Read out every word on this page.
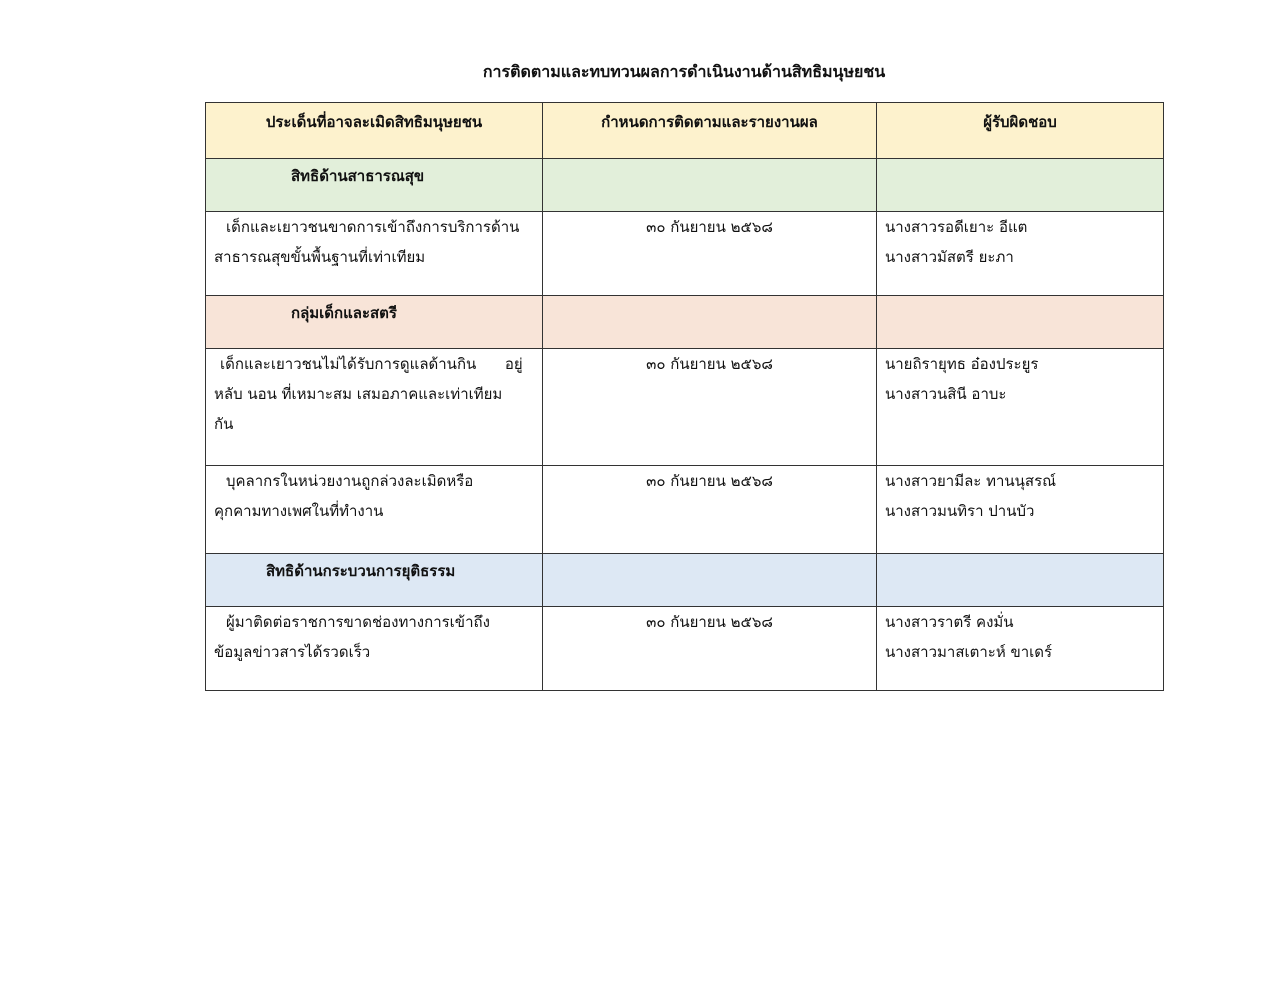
การติดตามและทบทวนผลการดำเนินงานด้านสิทธิมนุษยชน
ประเด็นที่อาจละเมิดสิทธิมนุษยชน	กำหนดการติดตามและรายงานผล	ผู้รับผิดชอบ
สิทธิด้านสาธารณสุข		

เด็กและเยาวชนขาดการเข้าถึงการบริการด้าน
สาธารณสุขขั้นพื้นฐานที่เท่าเทียม	๓๐ กันยายน ๒๕๖๘	นางสาวรอดีเยาะ อีแต
นางสาวมัสตรี ยะภา

กลุ่มเด็กและสตรี		

เด็กและเยาวชนไม่ได้รับการดูแลด้านกิน      อยู่
หลับ นอน ที่เหมาะสม เสมอภาคและเท่าเทียม
กัน	๓๐ กันยายน ๒๕๖๘	นายถิรายุทธ อ๋องประยูร
นางสาวนสินี อาบะ

บุคลากรในหน่วยงานถูกล่วงละเมิดหรือ
คุกคามทางเพศในที่ทำงาน	๓๐ กันยายน ๒๕๖๘	นางสาวยามีละ ทานนุสรณ์
นางสาวมนทิรา ปานบัว

สิทธิด้านกระบวนการยุติธรรม		

ผู้มาติดต่อราชการขาดช่องทางการเข้าถึง
ข้อมูลข่าวสารได้รวดเร็ว	๓๐ กันยายน ๒๕๖๘	นางสาวราตรี คงมั่น
นางสาวมาสเตาะห์ ขาเดร์
